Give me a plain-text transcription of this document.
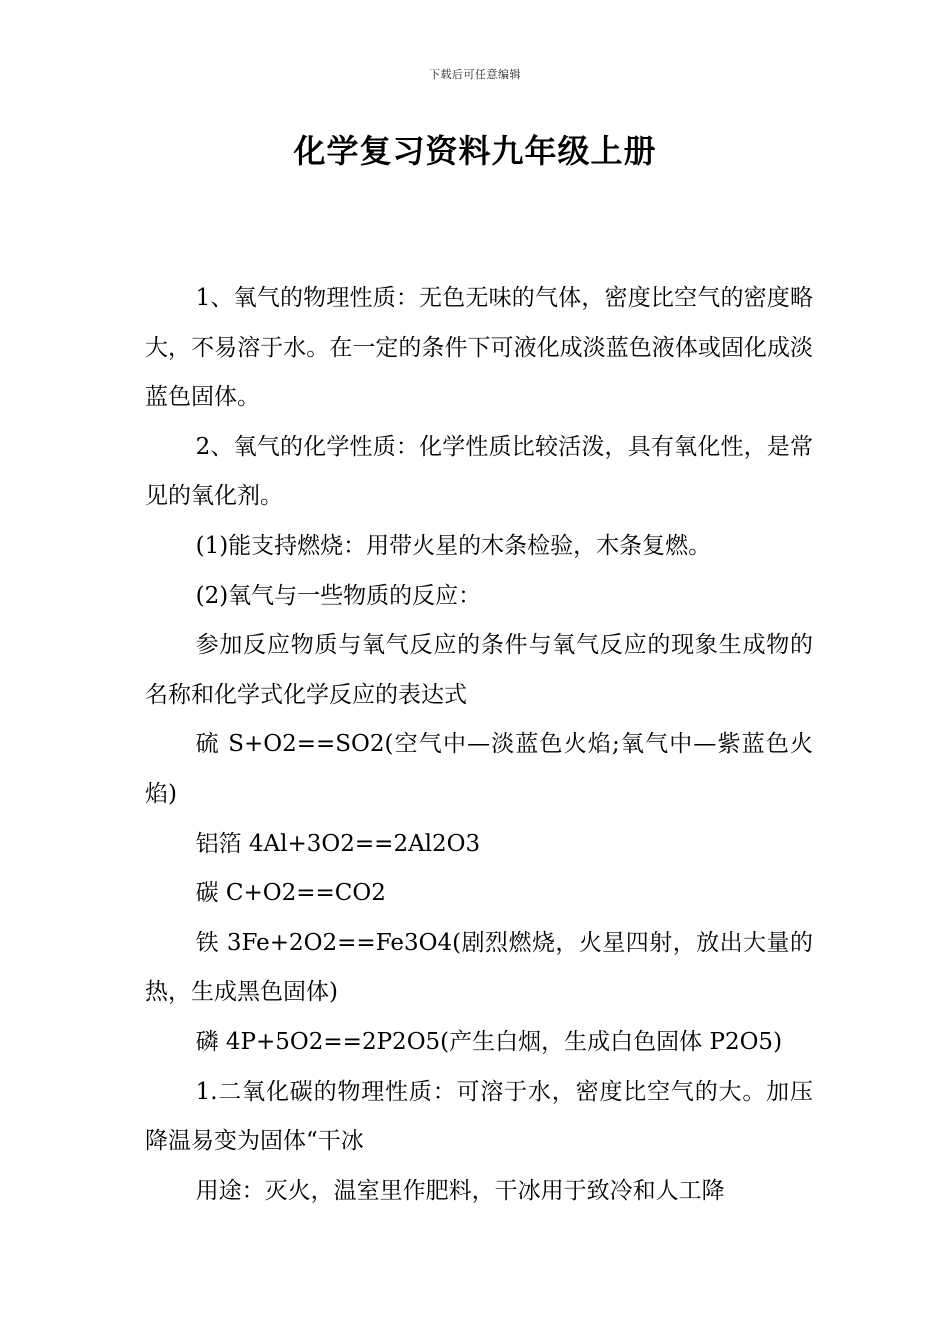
下载后可任意编辑
化学复习资料九年级上册

1、氧气的物理性质：无色无味的气体，密度比空气的密度略大，不易溶于水。在一定的条件下可液化成淡蓝色液体或固化成淡蓝色固体。

2、氧气的化学性质：化学性质比较活泼，具有氧化性，是常见的氧化剂。

(1)能支持燃烧：用带火星的木条检验，木条复燃。

(2)氧气与一些物质的反应：

参加反应物质与氧气反应的条件与氧气反应的现象生成物的名称和化学式化学反应的表达式

硫 S+O2==SO2(空气中—淡蓝色火焰;氧气中—紫蓝色火焰)

铝箔 4Al+3O2==2Al2O3

碳 C+O2==CO2

铁 3Fe+2O2==Fe3O4(剧烈燃烧，火星四射，放出大量的热，生成黑色固体)

磷 4P+5O2==2P2O5(产生白烟，生成白色固体 P2O5)

1.二氧化碳的物理性质：可溶于水，密度比空气的大。加压降温易变为固体“干冰

用途：灭火，温室里作肥料，干冰用于致冷和人工降
